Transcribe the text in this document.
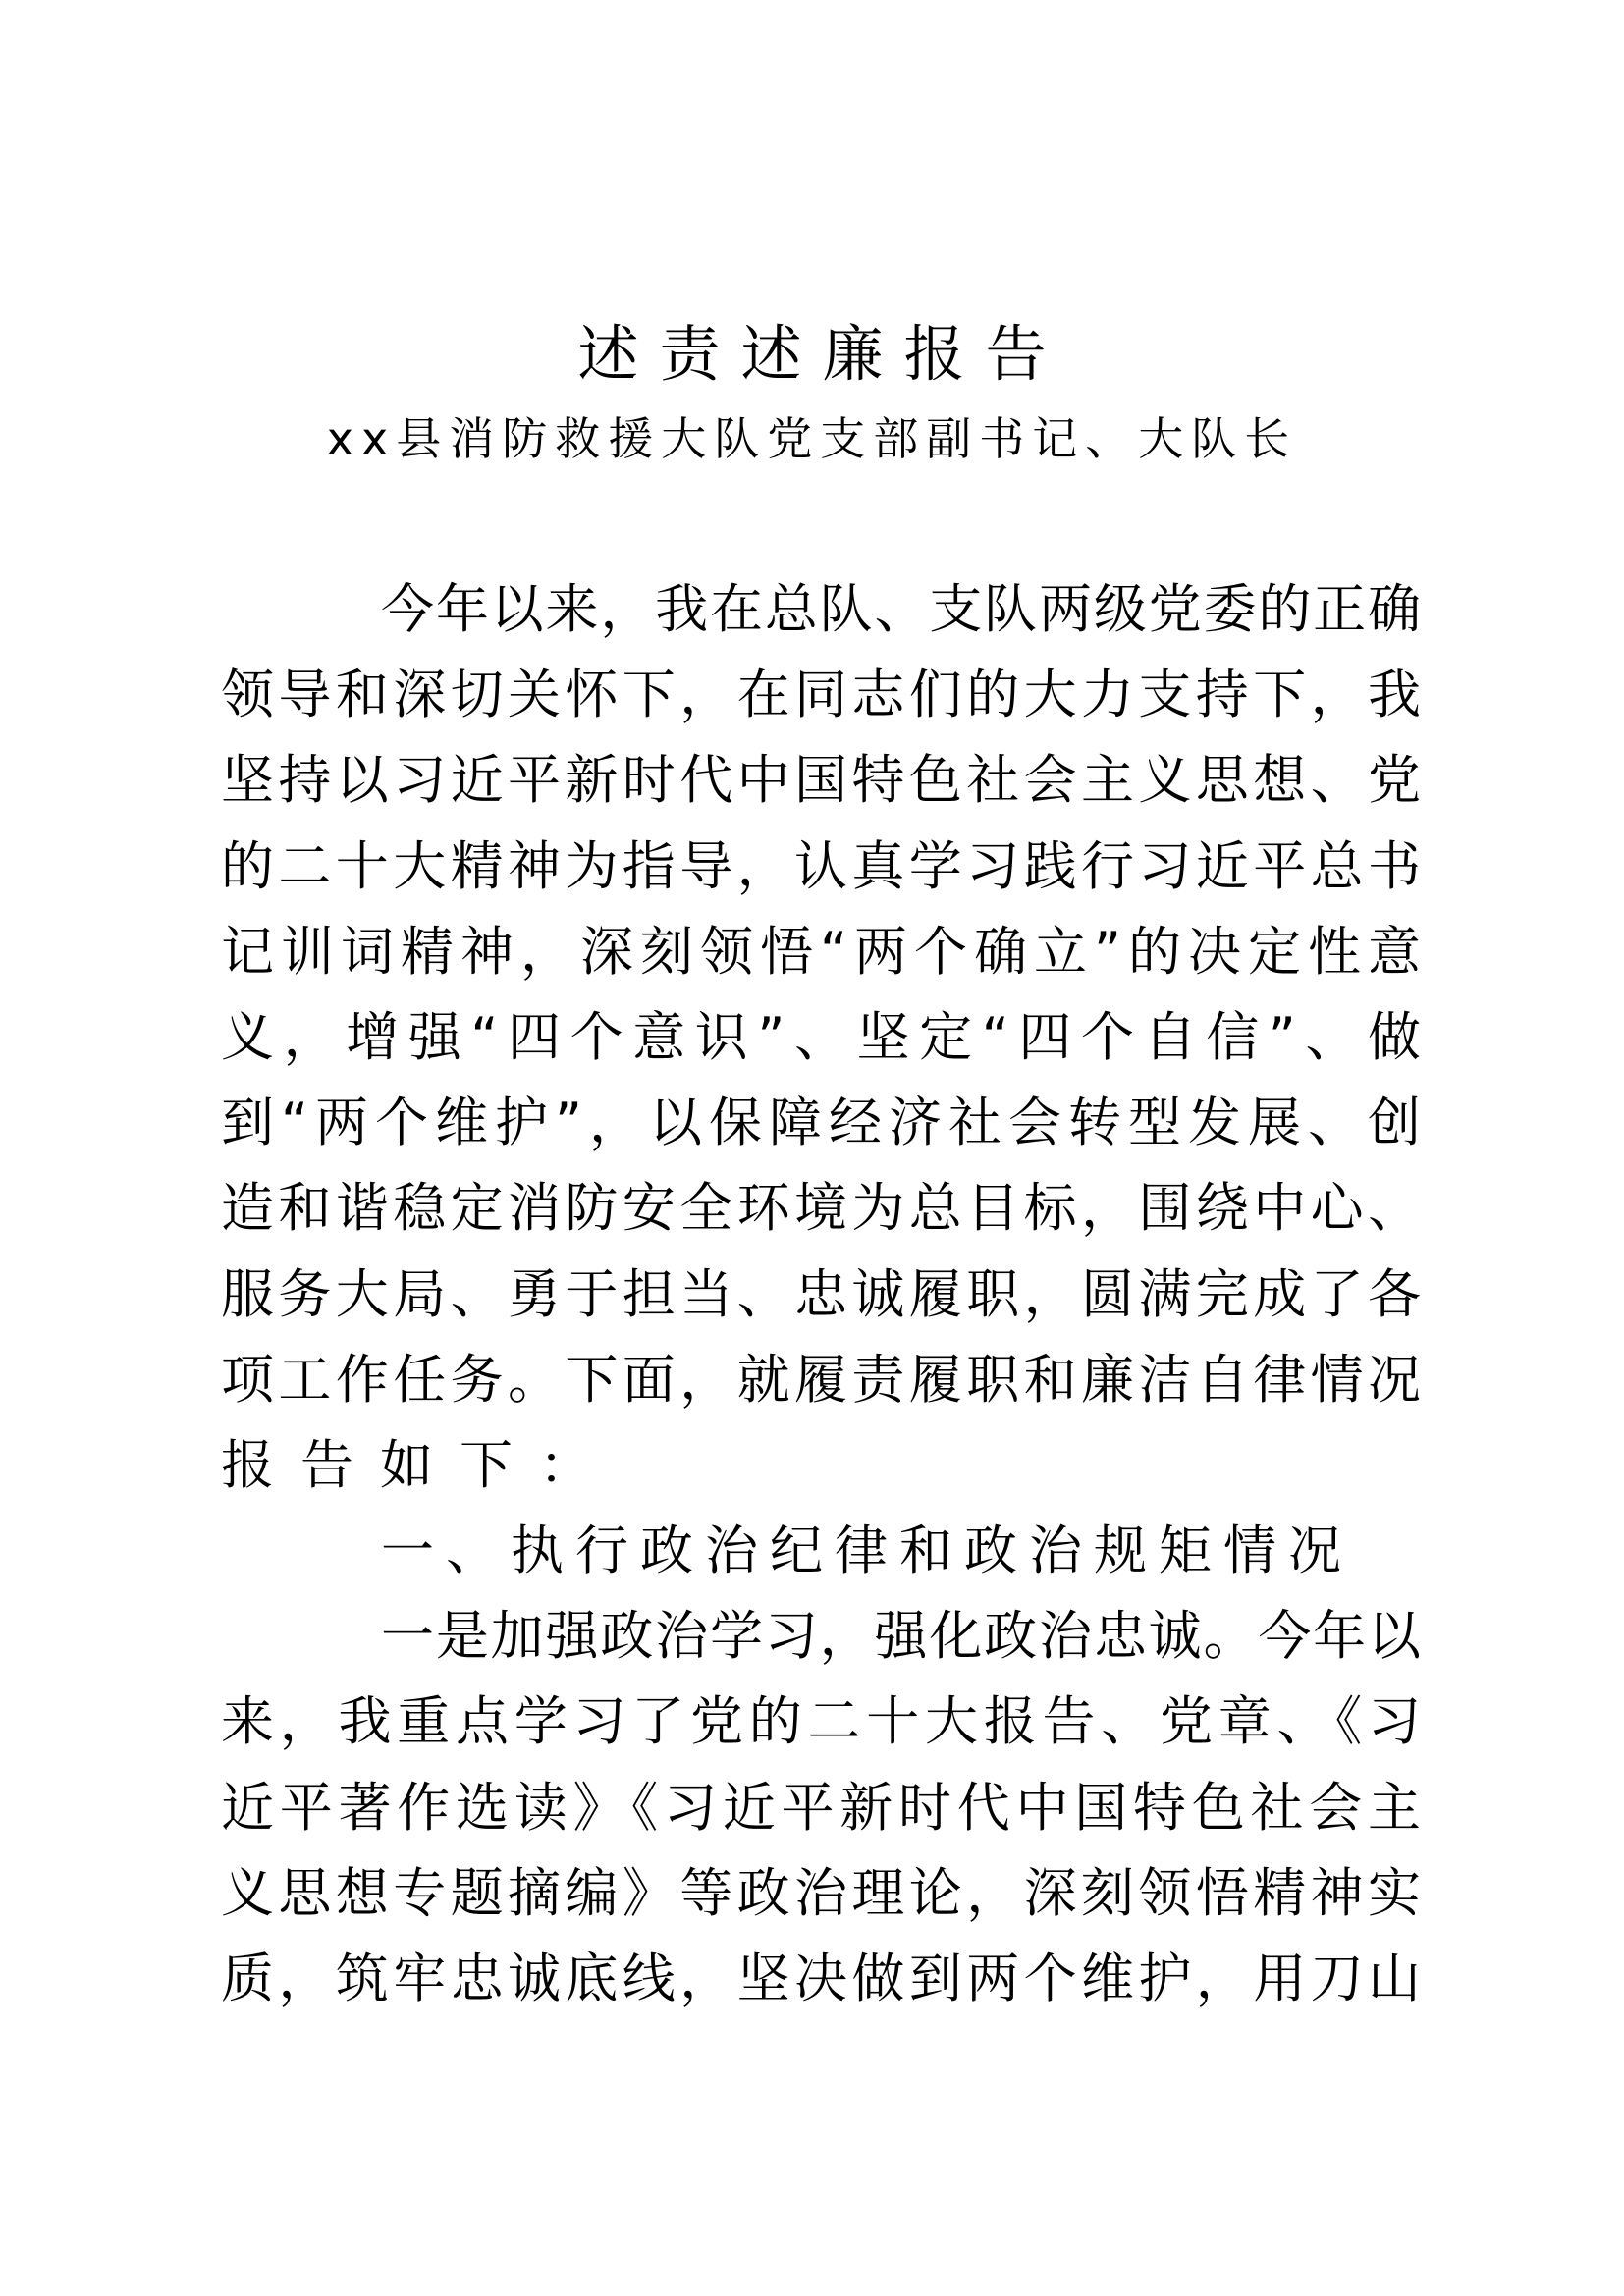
述责述廉报告
xx县消防救援大队党支部副书记、大队长
今年以来，我在总队、支队两级党委的正确
领导和深切关怀下，在同志们的大力支持下，我
坚持以习近平新时代中国特色社会主义思想、党
的二十大精神为指导，认真学习践行习近平总书
记训词精神，深刻领悟“两个确立”的决定性意
义，增强“四个意识”、坚定“四个自信”、做
到“两个维护”，以保障经济社会转型发展、创
造和谐稳定消防安全环境为总目标，围绕中心、
服务大局、勇于担当、忠诚履职，圆满完成了各
项工作任务。下面，就履责履职和廉洁自律情况
报告如下：
一、执行政治纪律和政治规矩情况
一是加强政治学习，强化政治忠诚。今年以
来，我重点学习了党的二十大报告、党章、《习
近平著作选读》《习近平新时代中国特色社会主
义思想专题摘编》等政治理论，深刻领悟精神实
质，筑牢忠诚底线，坚决做到两个维护，用刀山
